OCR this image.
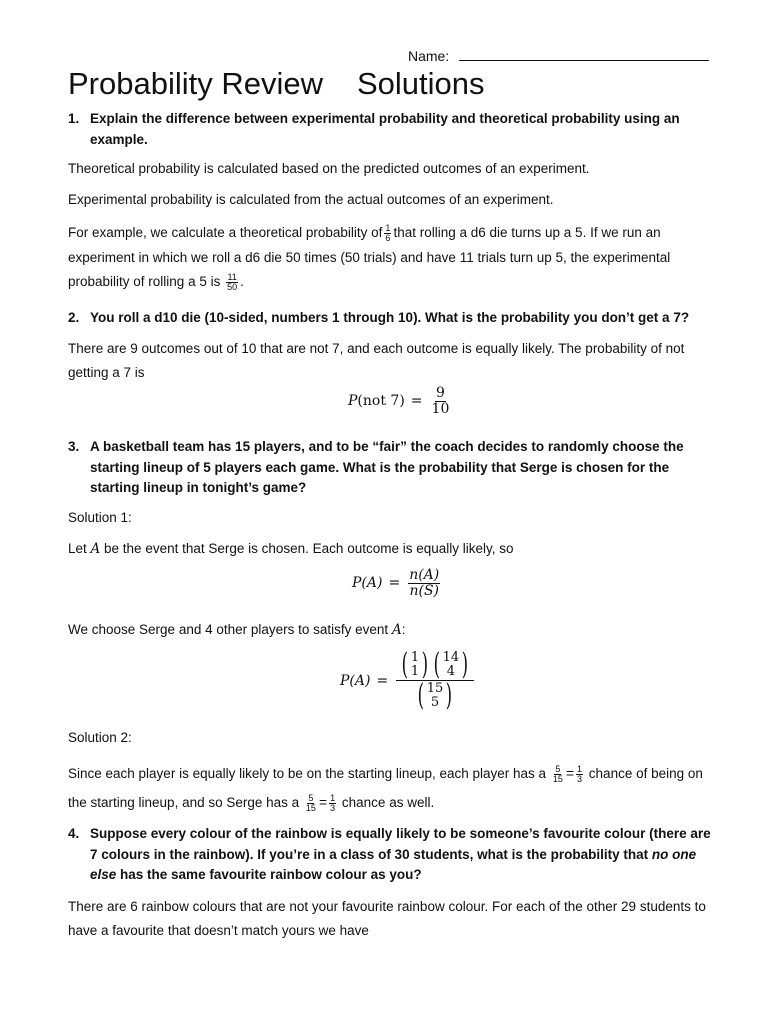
Name:
Probability Review Solutions
1. Explain the difference between experimental probability and theoretical probability using an example.
Theoretical probability is calculated based on the predicted outcomes of an experiment.
Experimental probability is calculated from the actual outcomes of an experiment.
For example, we calculate a theoretical probability of $\frac{1}{6}$ that rolling a d6 die turns up a 5. If we run an experiment in which we roll a d6 die 50 times (50 trials) and have 11 trials turn up 5, the experimental probability of rolling a 5 is $\frac{11}{50}$ .
2. You roll a d10 die (10-sided, numbers 1 through 10). What is the probability you don’t get a 7?
There are 9 outcomes out of 10 that are not 7, and each outcome is equally likely. The probability of not getting a 7 is
P ( not 7 ) = $\frac{9}{10}$
3. A basketball team has 15 players, and to be “fair” the coach decides to randomly choose the starting lineup of 5 players each game. What is the probability that Serge is chosen for the starting lineup in tonight’s game?
Solution 1:
Let A be the event that Serge is chosen. Each outcome is equally likely, so
$P(A) = \frac{n(A)}{n(S)}$
We choose Serge and 4 other players to satisfy event A:
P(A) = ( 1
1 ) ( 14
4 )
( 15
5 )
Solution 2:
Since each player is equally likely to be on the starting lineup, each player has a $\frac{5}{15} = \frac{1}{3}$ chance of being on the starting lineup, and so Serge has a $\frac{5}{15} = \frac{1}{3}$ chance as well.
4. Suppose every colour of the rainbow is equally likely to be someone’s favourite colour (there are 7 colours in the rainbow). If you’re in a class of 30 students, what is the probability that no one else has the same favourite rainbow colour as you?
There are 6 rainbow colours that are not your favourite rainbow colour. For each of the other 29 students to have a favourite that doesn’t match yours we have
